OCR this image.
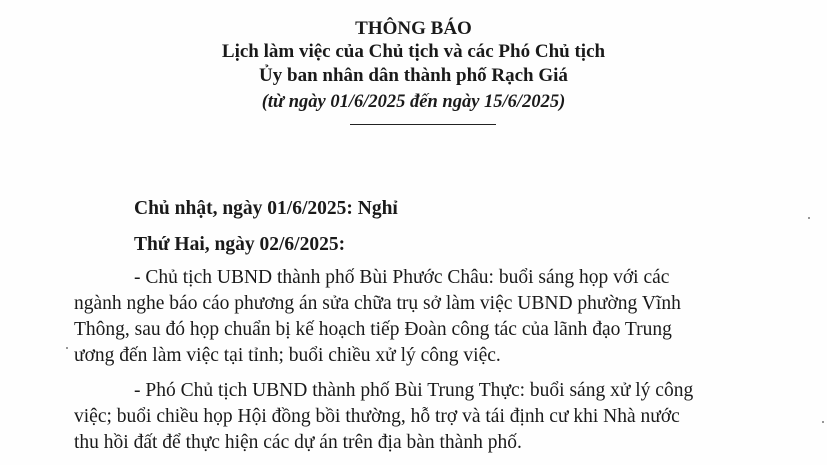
THÔNG BÁO
Lịch làm việc của Chủ tịch và các Phó Chủ tịch
Ủy ban nhân dân thành phố Rạch Giá
(từ ngày 01/6/2025 đến ngày 15/6/2025)
Chủ nhật, ngày 01/6/2025: Nghỉ
Thứ Hai, ngày 02/6/2025:
- Chủ tịch UBND thành phố Bùi Phước Châu: buổi sáng họp với các
ngành nghe báo cáo phương án sửa chữa trụ sở làm việc UBND phường Vĩnh
Thông, sau đó họp chuẩn bị kế hoạch tiếp Đoàn công tác của lãnh đạo Trung
ương đến làm việc tại tỉnh; buổi chiều xử lý công việc.
- Phó Chủ tịch UBND thành phố Bùi Trung Thực: buổi sáng xử lý công
việc; buổi chiều họp Hội đồng bồi thường, hỗ trợ và tái định cư khi Nhà nước
thu hồi đất để thực hiện các dự án trên địa bàn thành phố.
